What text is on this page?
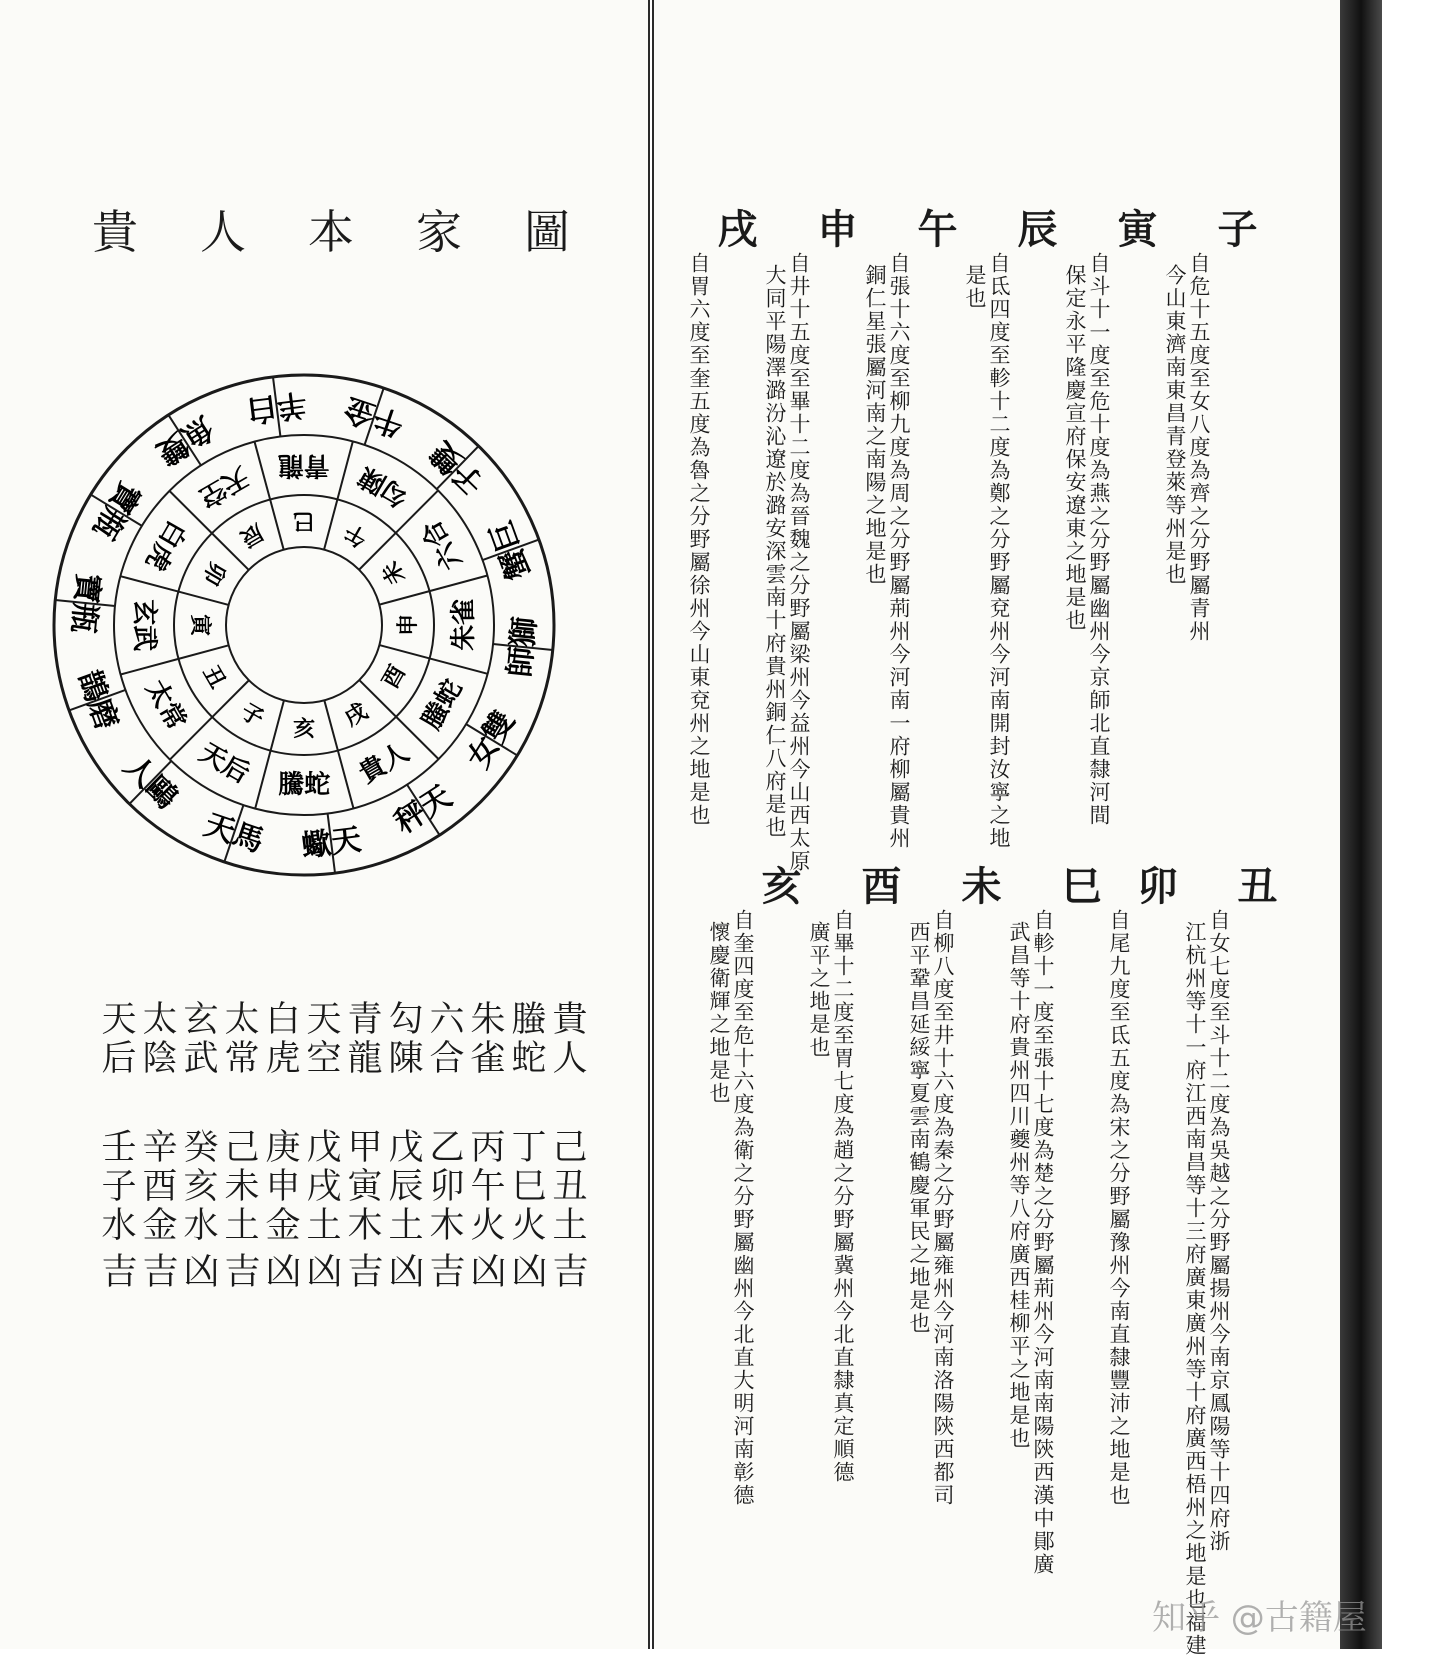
貴人本家圖
天馬
人鷗
鵲磨
寶瓶
寶瓶
魚雙
羊白 牛金
子雙
蟹巨
師獅
女雙
秤天
蠍天
天后
太常
玄武
白虎
天空 青龍 勾陳
六合
朱雀
螣蛇
貴人
騰蛇
子
丑
寅
卯
辰 巳 午
未
申
酉
戌
亥
貴人
己丑土
吉
螣蛇
丁巳火
凶
朱雀
丙午火
凶
六合
乙卯木
吉
勾陳
戊辰土
凶
青龍
甲寅木
吉
天空
戊戌土
凶
白虎
庚申金
凶
太常
己未土
吉
玄武
癸亥水
凶
太陰
辛酉金
吉
天后
壬子水
吉
子
自危十五度至女八度為齊之分野屬青州
今山東濟南東昌青登萊等州是也
寅
自斗十一度至危十度為燕之分野屬幽州今京師北直隸河間
保定永平隆慶宣府保安遼東之地是也
辰
自氐四度至軫十二度為鄭之分野屬兗州今河南開封汝寧之地
是也
午
自張十六度至柳九度為周之分野屬荊州今河南一府柳屬貴州
銅仁星張屬河南之南陽之地是也
申
自井十五度至畢十二度為晉魏之分野屬梁州今益州今山西太原
大同平陽澤潞汾沁遼於潞安深雲南十府貴州銅仁八府是也
戌
自胃六度至奎五度為魯之分野屬徐州今山東兗州之地是也
丑
自女七度至斗十二度為吳越之分野屬揚州今南京鳳陽等十四府浙
江杭州等十一府江西南昌等十三府廣東廣州等十府廣西梧州之地是也福建
卯
自尾九度至氐五度為宋之分野屬豫州今南直隸豐沛之地是也
巳
自軫十一度至張十七度為楚之分野屬荊州今河南南陽陝西漢中鄖廣
武昌等十府貴州四川夔州等八府廣西桂柳平之地是也
未
自柳八度至井十六度為秦之分野屬雍州今河南洛陽陝西都司
西平鞏昌延綏寧夏雲南鶴慶軍民之地是也
酉
自畢十二度至胃七度為趙之分野屬冀州今北直隸真定順德
廣平之地是也
亥
自奎四度至危十六度為衛之分野屬幽州今北直大明河南彰德
懷慶衛輝之地是也
知乎 @古籍屋
